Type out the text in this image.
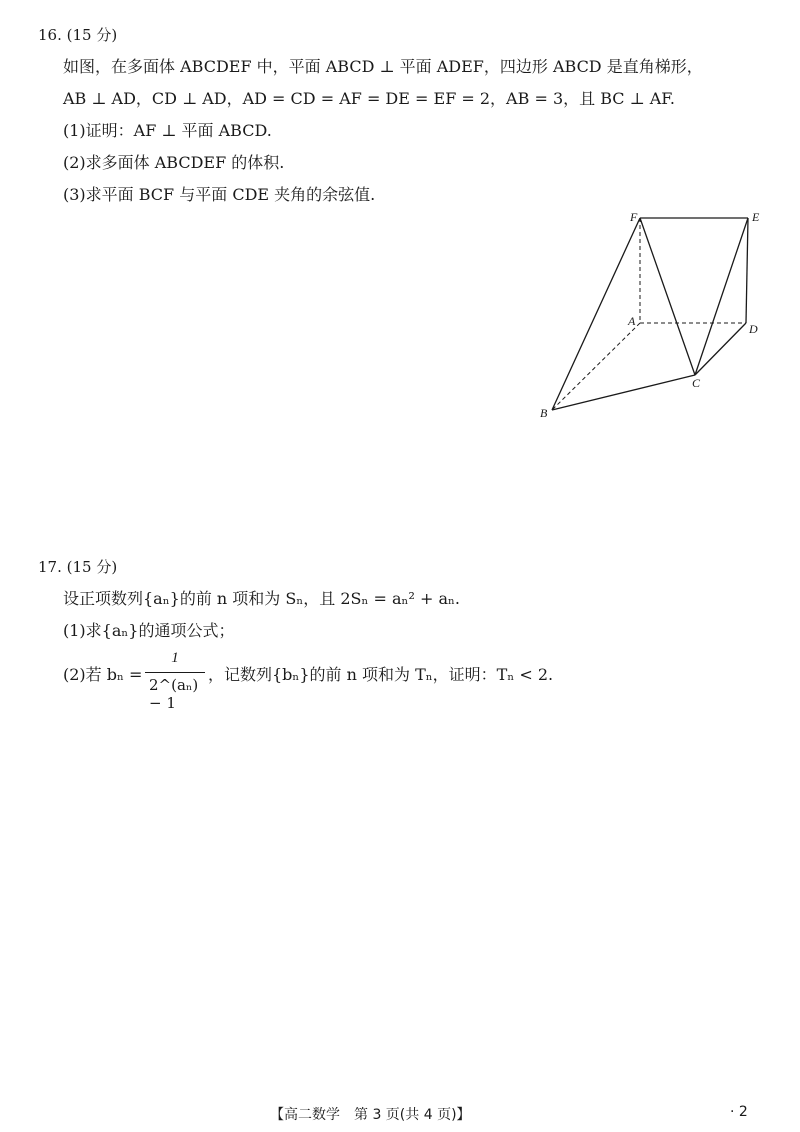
16. (15 分)
如图，在多面体 ABCDEF 中，平面 ABCD ⊥ 平面 ADEF，四边形 ABCD 是直角梯形，
AB ⊥ AD，CD ⊥ AD，AD = CD = AF = DE = EF = 2，AB = 3，且 BC ⊥ AF.
(1)证明：AF ⊥ 平面 ABCD.
(2)求多面体 ABCDEF 的体积.
(3)求平面 BCF 与平面 CDE 夹角的余弦值.
F	E
A
D
C
B
17. (15 分)
设正项数列{aₙ}的前 n 项和为 Sₙ，且 2Sₙ = aₙ² + aₙ.
(1)求{aₙ}的通项公式；
(2)若 bₙ =
1
2^(aₙ) − 1
，记数列{bₙ}的前 n 项和为 Tₙ，证明：Tₙ < 2.
【高二数学　第 3 页(共 4 页)】	· 2
